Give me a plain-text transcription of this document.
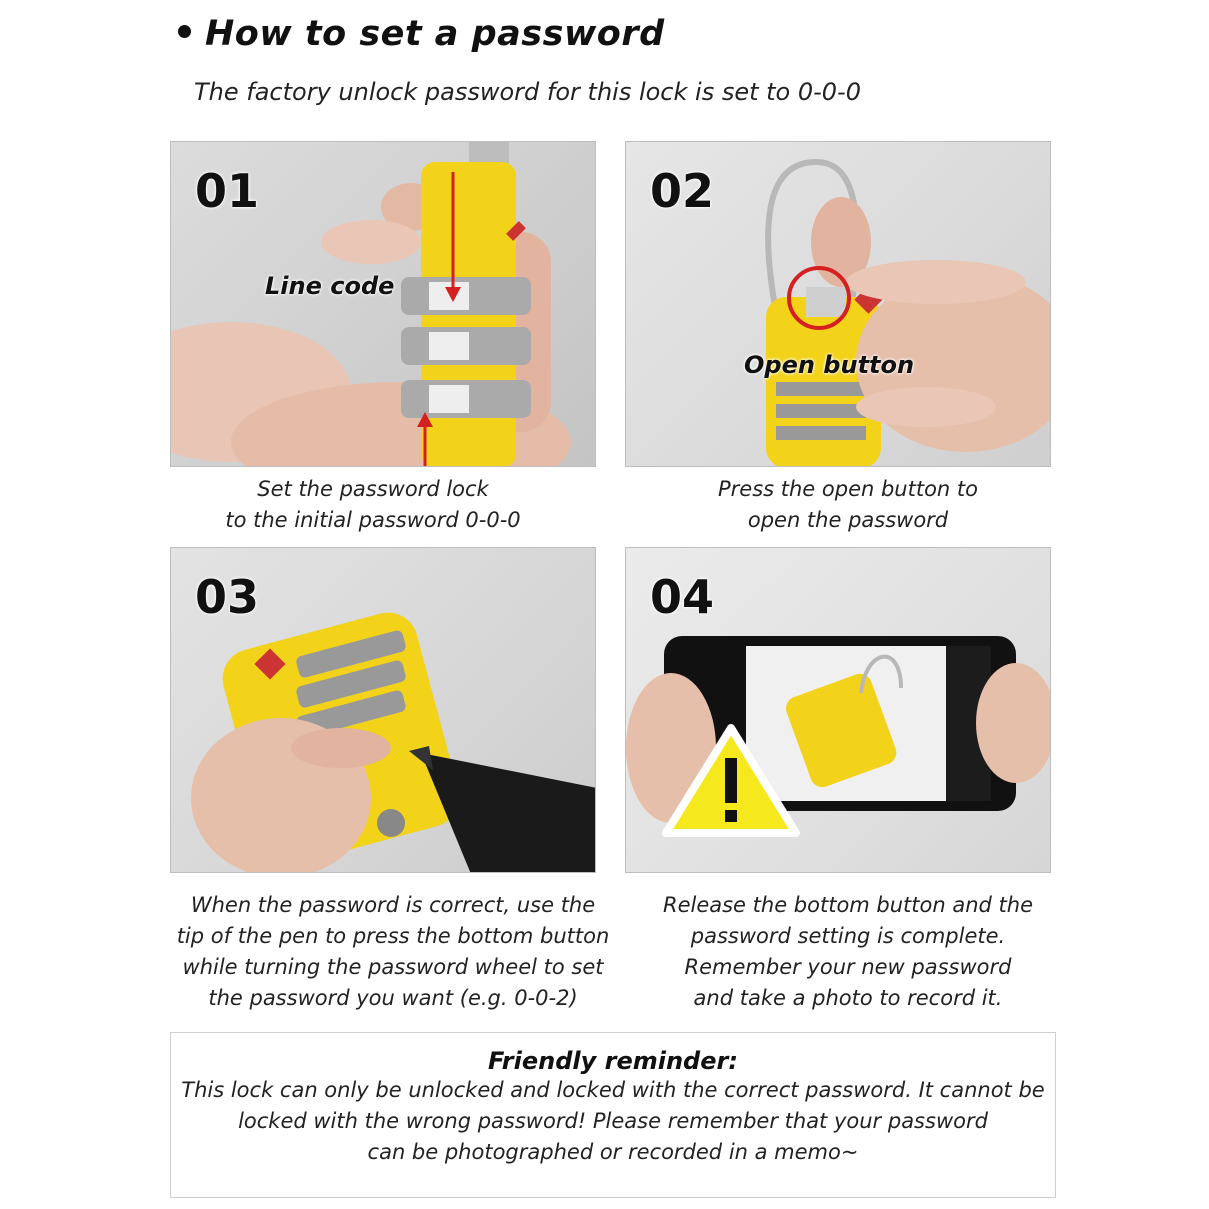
How to set a password
The factory unlock password for this lock is set to 0-0-0
01
Line code
02
Open button
Set the password lock
to the initial password 0-0-0
Press the open button to
open the password
03	04
When the password is correct, use the
tip of the pen to press the bottom button
while turning the password wheel to set
the password you want (e.g. 0-0-2)
Release the bottom button and the
password setting is complete.
Remember your new password
and take a photo to record it.
Friendly reminder:
This lock can only be unlocked and locked with the correct password. It cannot be
locked with the wrong password! Please remember that your password
can be photographed or recorded in a memo~
